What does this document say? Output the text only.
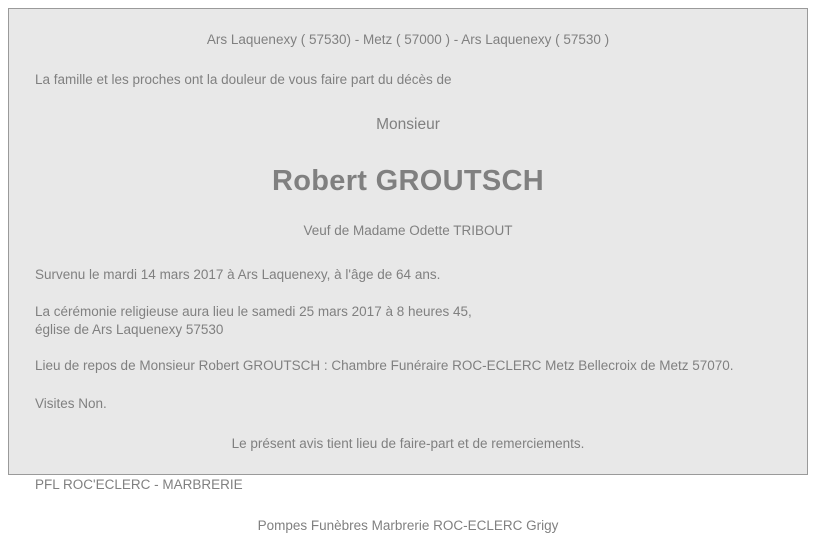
Ars Laquenexy ( 57530) - Metz ( 57000 ) - Ars Laquenexy ( 57530 )

La famille et les proches ont la douleur de vous faire part du décès de

Monsieur

Robert GROUTSCH

Veuf de Madame Odette TRIBOUT

Survenu le mardi 14 mars 2017 à Ars Laquenexy, à l'âge de 64 ans.

La cérémonie religieuse aura lieu le samedi 25 mars 2017 à 8 heures 45,
église de Ars Laquenexy 57530

Lieu de repos de Monsieur Robert GROUTSCH : Chambre Funéraire ROC-ECLERC Metz Bellecroix de Metz 57070.

Visites Non.

Le présent avis tient lieu de faire-part et de remerciements.

PFL ROC'ECLERC - MARBRERIE

Pompes Funèbres Marbrerie ROC-ECLERC Grigy
